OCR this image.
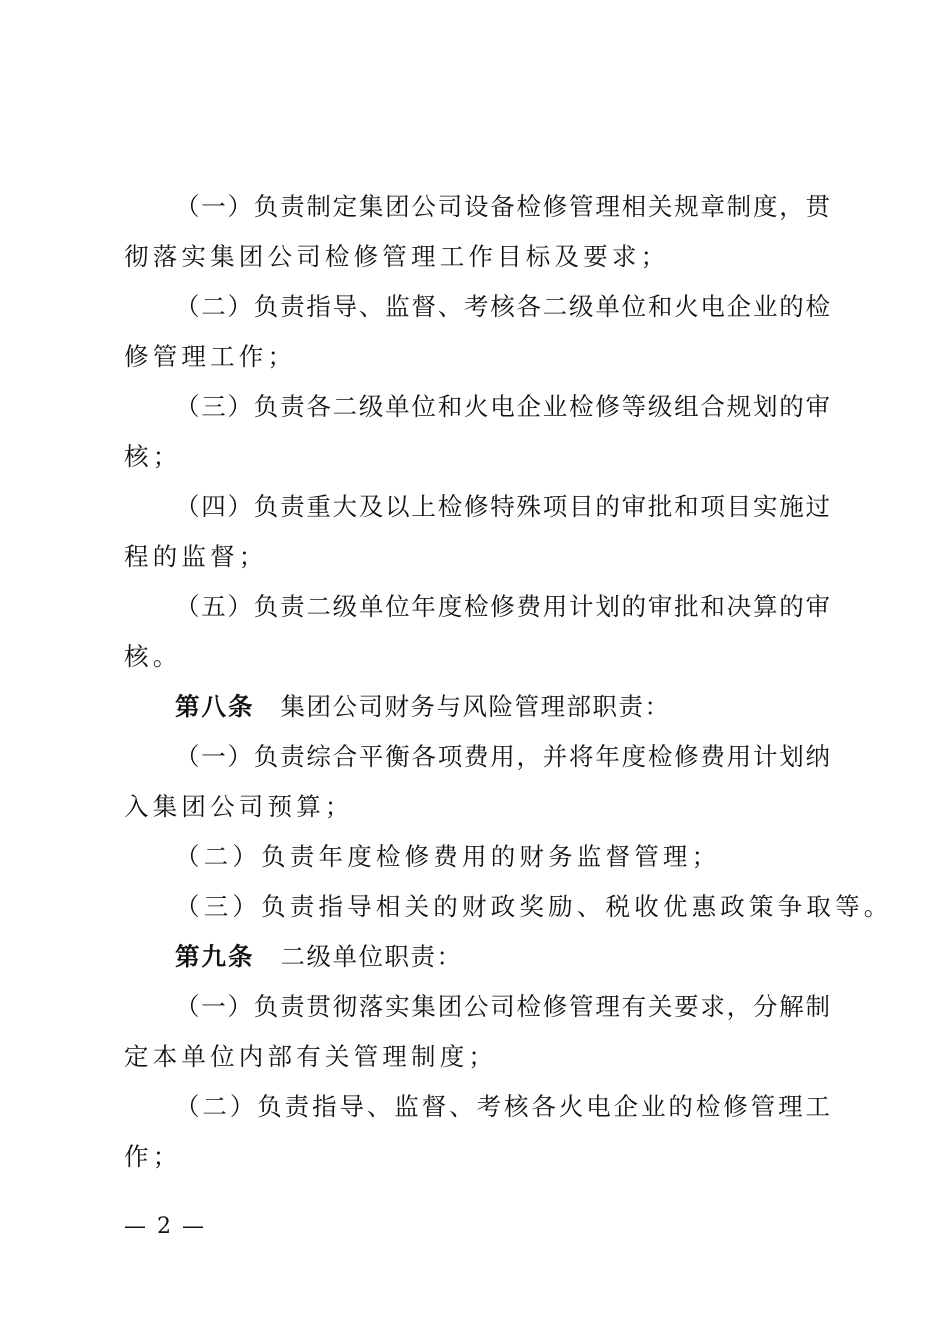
（一）负责制定集团公司设备检修管理相关规章制度，贯
彻落实集团公司检修管理工作目标及要求；
（二）负责指导、监督、考核各二级单位和火电企业的检
修管理工作；
（三）负责各二级单位和火电企业检修等级组合规划的审
核；
（四）负责重大及以上检修特殊项目的审批和项目实施过
程的监督；
（五）负责二级单位年度检修费用计划的审批和决算的审
核。
第八条 集团公司财务与风险管理部职责：
（一）负责综合平衡各项费用，并将年度检修费用计划纳
入集团公司预算；
（二）负责年度检修费用的财务监督管理；
（三）负责指导相关的财政奖励、税收优惠政策争取等。
第九条 二级单位职责：
（一）负责贯彻落实集团公司检修管理有关要求，分解制
定本单位内部有关管理制度；
（二）负责指导、监督、考核各火电企业的检修管理工
作；
— 2 —
